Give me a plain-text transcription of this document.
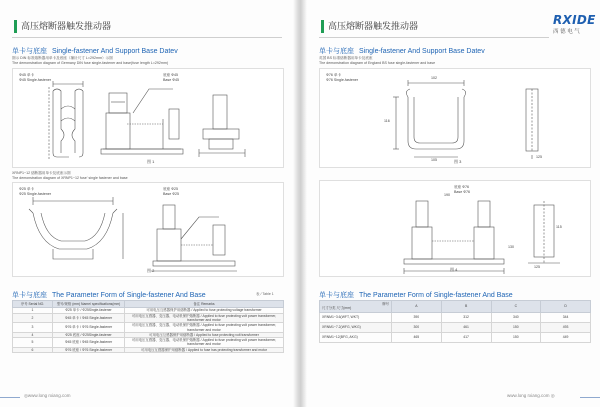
高压熔断器触发推动器
单卡与底座 Single-fastener And Support Base Datev
图示 DIN 标准熔断器用单卡及底座（撞针尺寸 L=292mm）示图
The demonstration diagram of Germany DIN fuse single-fastener and base(fuse length L=292mm)
Φ45 单卡
Φ45 Single-fastener
底座 Φ45
Base Φ45
图 1
XRNP1~12 熔断器用单卡及底座示图
The demonstration diagram of XRNP1~12 fuse' single fastener and base
Φ25 单卡
Φ25 Single-fastener
底座 Φ25
Base Φ25
图 2
单卡与底座 The Parameter Form of Single-fastener And Base	表 / Table 1
序号 Serial NO.	型号/规格 (mm) Name/ specifications(mm)	备注 Remarks
1	Φ25 单卡 / Φ25Single-fastener	可用电压互感器保护用熔断器 / Applied to fuse protecting voltage transformer
2	Φ45 单卡 / Φ45 Single-fastener	可用电压互感器、变压器、电动机保护熔断器 / Applied to fuse protecting volt power transformer, transformer and motor
3	Φ76 单卡 / Φ76 Single-fastener	可用电压互感器、变压器、电动机保护熔断器 / Applied to fuse protecting volt power transformer, transformer and motor
4	Φ25 底座 / Φ25Single-fastener	可用电压互感器保护用熔断器 / Applied to fuse protecting volt transformer
5	Φ45 底座 / Φ45 Single-fastener	可用电压互感器、变压器、电动机保护熔断器 / Applied to fuse protecting volt power transformer, transformer and motor
6	Φ76 底座 / Φ76 Single-fastener	可用电压互感器保护用熔断器 / Applied to fuse has protecting transformer and motor
◎www.long rxiang.com
高压熔断器触发推动器	RXIDE
西德电气
单卡与底座 Single-fastener And Support Base Datev
英国 BS 标准熔断器用单卡及底座
The demonstration diagram of England BS fuse single-fastener and base
Φ76 单卡
Φ76 Single-fastener	102
116
105
125
图 3
底座 Φ76
Base Φ76
190
130
115
125
图 4
单卡与底座 The Parameter Form of Single-fastener And Base
牌号
尺寸分类 尺寸(mm)	A	B	C	D
XRNM1~3.6(WFT, WKT)	390	312	340	344
XRNM1~7.2(WFG, WKG)	300	461	150	493
XRNM1~12(BFG, AKG)	465	417	150	449
www.long rxiang.com ◎
